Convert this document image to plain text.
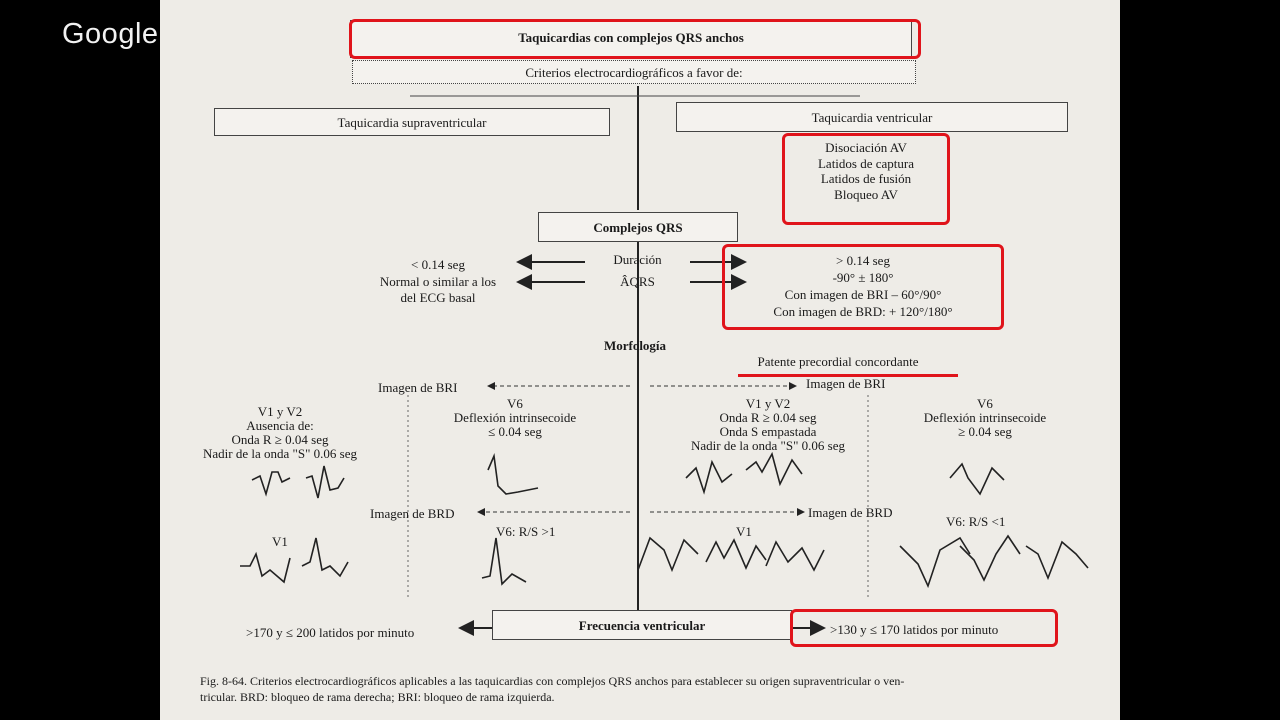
Google	Taquicardias con complejos QRS anchos
Criterios electrocardiográficos a favor de:
Taquicardia supraventricular	Taquicardia ventricular
Disociación AV
Latidos de captura
Latidos de fusión
Bloqueo AV
Complejos QRS
Duración
ÂQRS
< 0.14 seg
Normal o similar a los
del ECG basal
> 0.14 seg
-90° ± 180°
Con imagen de BRI – 60°/90°
Con imagen de BRD: + 120°/180°
Morfología
Patente precordial concordante
Imagen de BRI	Imagen de BRI
V1 y V2
Ausencia de:
Onda R ≥ 0.04 seg
Nadir de la onda "S" 0.06 seg
V6
Deflexión intrinsecoide
≤ 0.04 seg
V1 y V2
Onda R ≥ 0.04 seg
Onda S empastada
Nadir de la onda "S" 0.06 seg
V6
Deflexión intrinsecoide
≥ 0.04 seg
Imagen de BRD	Imagen de BRD
V1
V6: R/S >1	V1
V6: R/S <1
Frecuencia ventricular
>170 y ≤ 200 latidos por minuto	>130 y ≤ 170 latidos por minuto
Fig. 8-64. Criterios electrocardiográficos aplicables a las taquicardias con complejos QRS anchos para establecer su origen supraventricular o ven-
tricular. BRD: bloqueo de rama derecha; BRI: bloqueo de rama izquierda.
